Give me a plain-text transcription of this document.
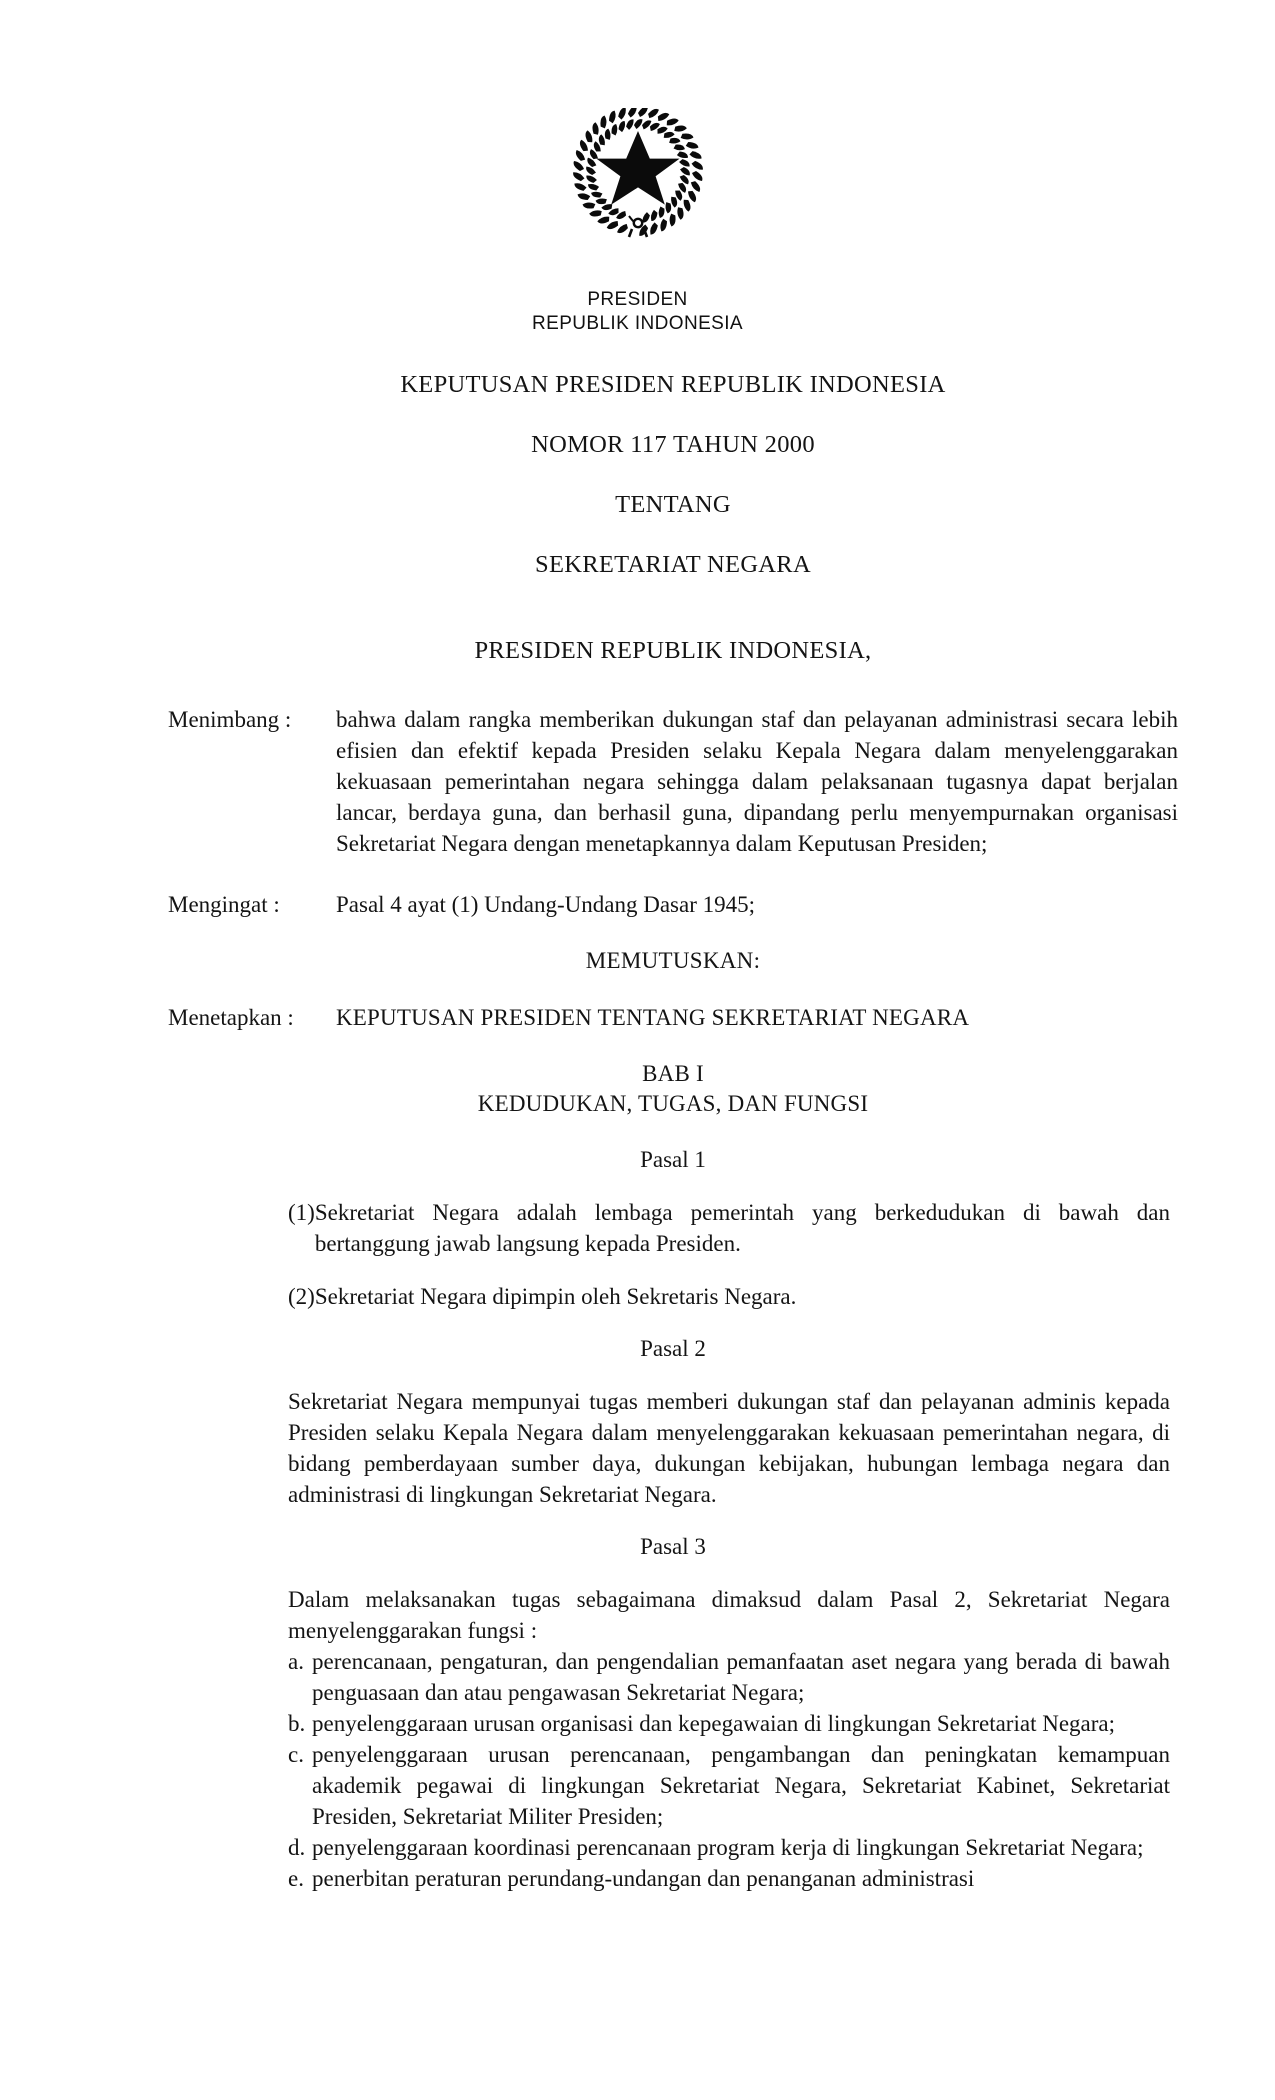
PRESIDEN
REPUBLIK INDONESIA
KEPUTUSAN PRESIDEN REPUBLIK INDONESIA
NOMOR 117 TAHUN 2000
TENTANG
SEKRETARIAT NEGARA
PRESIDEN REPUBLIK INDONESIA,
Menimbang :	bahwa dalam rangka memberikan dukungan staf dan pelayanan administrasi secara lebih efisien dan efektif kepada Presiden selaku Kepala Negara dalam menyelenggarakan kekuasaan pemerintahan negara sehingga dalam pelaksanaan tugasnya dapat berjalan lancar, berdaya guna, dan berhasil guna, dipandang perlu menyempurnakan organisasi Sekretariat Negara dengan menetapkannya dalam Keputusan Presiden;
Mengingat :	Pasal 4 ayat (1) Undang-Undang Dasar 1945;
MEMUTUSKAN:
Menetapkan :	KEPUTUSAN PRESIDEN TENTANG SEKRETARIAT NEGARA
BAB I
KEDUDUKAN, TUGAS, DAN FUNGSI
Pasal 1
(1) Sekretariat Negara adalah lembaga pemerintah yang berkedudukan di bawah dan bertanggung jawab langsung kepada Presiden.
(2) Sekretariat Negara dipimpin oleh Sekretaris Negara.
Pasal 2
Sekretariat Negara mempunyai tugas memberi dukungan staf dan pelayanan adminis kepada Presiden selaku Kepala Negara dalam menyelenggarakan kekuasaan pemerintahan negara, di bidang pemberdayaan sumber daya, dukungan kebijakan, hubungan lembaga negara dan administrasi di lingkungan Sekretariat Negara.
Pasal 3
Dalam melaksanakan tugas sebagaimana dimaksud dalam Pasal 2, Sekretariat Negara menyelenggarakan fungsi :
a. perencanaan, pengaturan, dan pengendalian pemanfaatan aset negara yang berada di bawah penguasaan dan atau pengawasan Sekretariat Negara;
b. penyelenggaraan urusan organisasi dan kepegawaian di lingkungan Sekretariat Negara;
c. penyelenggaraan urusan perencanaan, pengambangan dan peningkatan kemampuan akademik pegawai di lingkungan Sekretariat Negara, Sekretariat Kabinet, Sekretariat Presiden, Sekretariat Militer Presiden;
d. penyelenggaraan koordinasi perencanaan program kerja di lingkungan Sekretariat Negara;
e. penerbitan peraturan perundang-undangan dan penanganan administrasi
